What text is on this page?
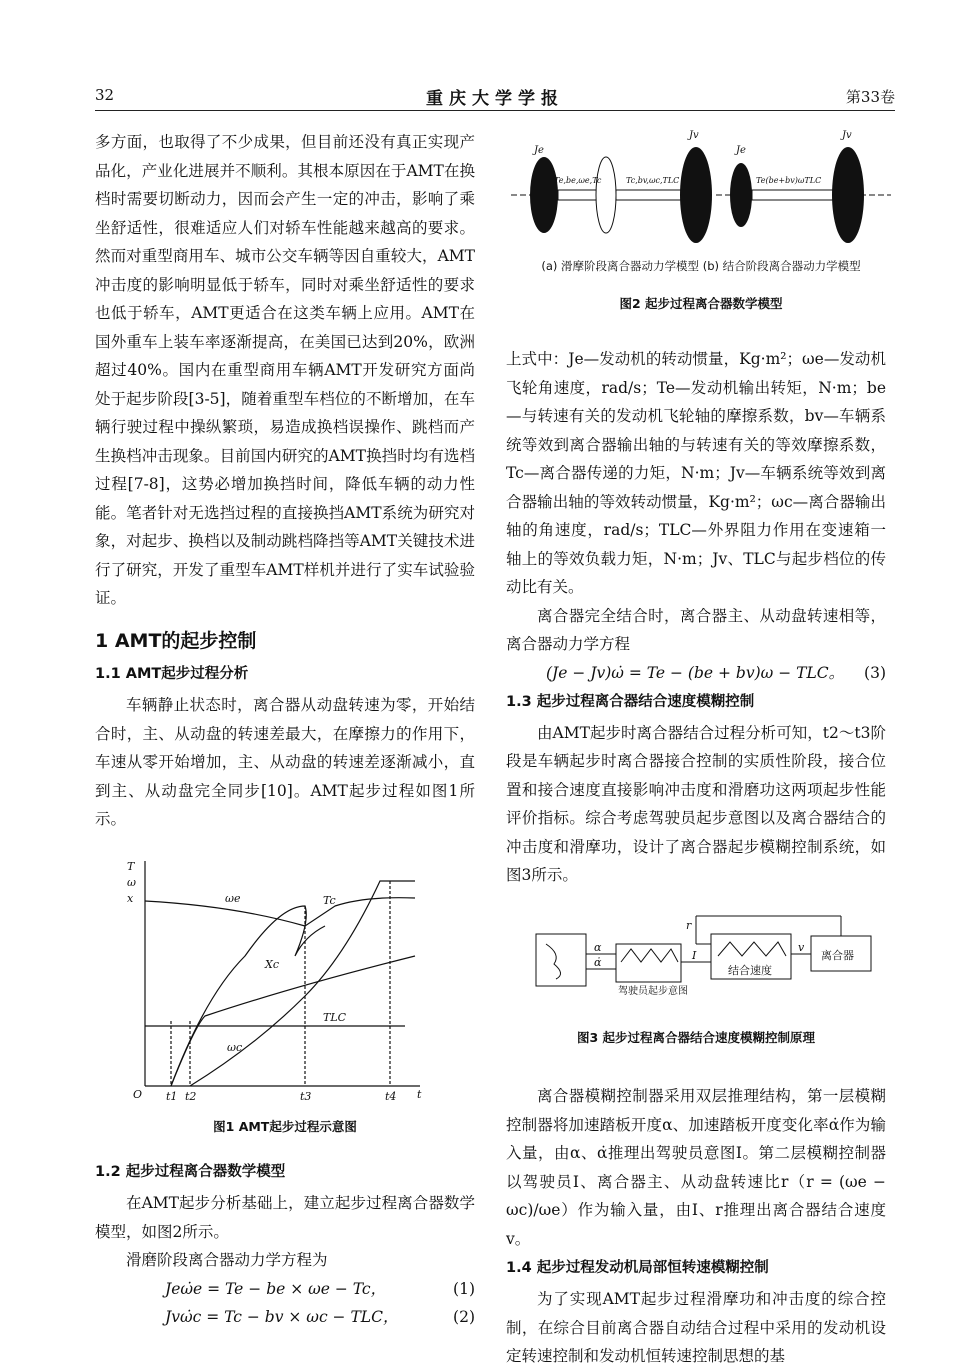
32	重庆大学学报	第33卷

多方面，也取得了不少成果，但目前还没有真正实现产品化，产业化进展并不顺利。其根本原因在于AMT在换档时需要切断动力，因而会产生一定的冲击，影响了乘坐舒适性，很难适应人们对轿车性能越来越高的要求。然而对重型商用车、城市公交车辆等因自重较大，AMT冲击度的影响明显低于轿车，同时对乘坐舒适性的要求也低于轿车，AMT更适合在这类车辆上应用。AMT在国外重车上装车率逐渐提高，在美国已达到20%，欧洲超过40%。国内在重型商用车辆AMT开发研究方面尚处于起步阶段[3-5]，随着重型车档位的不断增加，在车辆行驶过程中操纵繁琐，易造成换档误操作、跳档而产生换档冲击现象。目前国内研究的AMT换挡时均有选档过程[7-8]，这势必增加换挡时间，降低车辆的动力性能。笔者针对无选挡过程的直接换挡AMT系统为研究对象，对起步、换档以及制动跳档降挡等AMT关键技术进行了研究，开发了重型车AMT样机并进行了实车试验验证。

1 AMT的起步控制
1.1 AMT起步过程分析

车辆静止状态时，离合器从动盘转速为零，开始结合时，主、从动盘的转速差最大，在摩擦力的作用下，车速从零开始增加，主、从动盘的转速差逐渐减小，直到主、从动盘完全同步[10]。AMT起步过程如图1所示。

T
ω
x
O	t
t1 t2	t3	t4
ωe	Tc
Xc
TLC
ωc
图1 AMT起步过程示意图
1.2 起步过程离合器数学模型

在AMT起步分析基础上，建立起步过程离合器数学模型，如图2所示。

滑磨阶段离合器动力学方程为

Jeω̇e = Te − be × ωe − Tc，	(1)
Jvω̇c = Tc − bv × ωc − TLC，	(2)
Je
Jv
Je
Jv
Te,be,ωe,Tc	Tc,bv,ωc,TLC	Te(be+bv)ωTLC
(a) 滑摩阶段离合器动力学模型 (b) 结合阶段离合器动力学模型
图2 起步过程离合器数学模型

上式中：Je—发动机的转动惯量，Kg·m²；ωe—发动机飞轮角速度，rad/s；Te—发动机输出转矩，N·m；be—与转速有关的发动机飞轮轴的摩擦系数，bv—车辆系统等效到离合器输出轴的与转速有关的等效摩擦系数，Tc—离合器传递的力矩，N·m；Jv—车辆系统等效到离合器输出轴的等效转动惯量，Kg·m²；ωc—离合器输出轴的角速度，rad/s；TLC—外界阻力作用在变速箱一轴上的等效负载力矩，N·m；Jv、TLC与起步档位的传动比有关。

离合器完全结合时，离合器主、从动盘转速相等，离合器动力学方程

(Je − Jv)ω̇ = Te − (be + bv)ω − TLC。 (3)
1.3 起步过程离合器结合速度模糊控制

由AMT起步时离合器结合过程分析可知，t2～t3阶段是车辆起步时离合器接合控制的实质性阶段，接合位置和接合速度直接影响冲击度和滑磨功这两项起步性能评价指标。综合考虑驾驶员起步意图以及离合器结合的冲击度和滑摩功，设计了离合器起步模糊控制系统，如图3所示。

驾驶员起步意图
结合速度
离合器
α
α̇
I
v
r
图3 起步过程离合器结合速度模糊控制原理

离合器模糊控制器采用双层推理结构，第一层模糊控制器将加速踏板开度α、加速踏板开度变化率α̇作为输入量，由α、α̇推理出驾驶员意图I。第二层模糊控制器以驾驶员I、离合器主、从动盘转速比r（r = (ωe − ωc)/ωe）作为输入量，由I、r推理出离合器结合速度v。

1.4 起步过程发动机局部恒转速模糊控制

为了实现AMT起步过程滑摩功和冲击度的综合控制，在综合目前离合器自动结合过程中采用的发动机设定转速控制和发动机恒转速控制思想的基
